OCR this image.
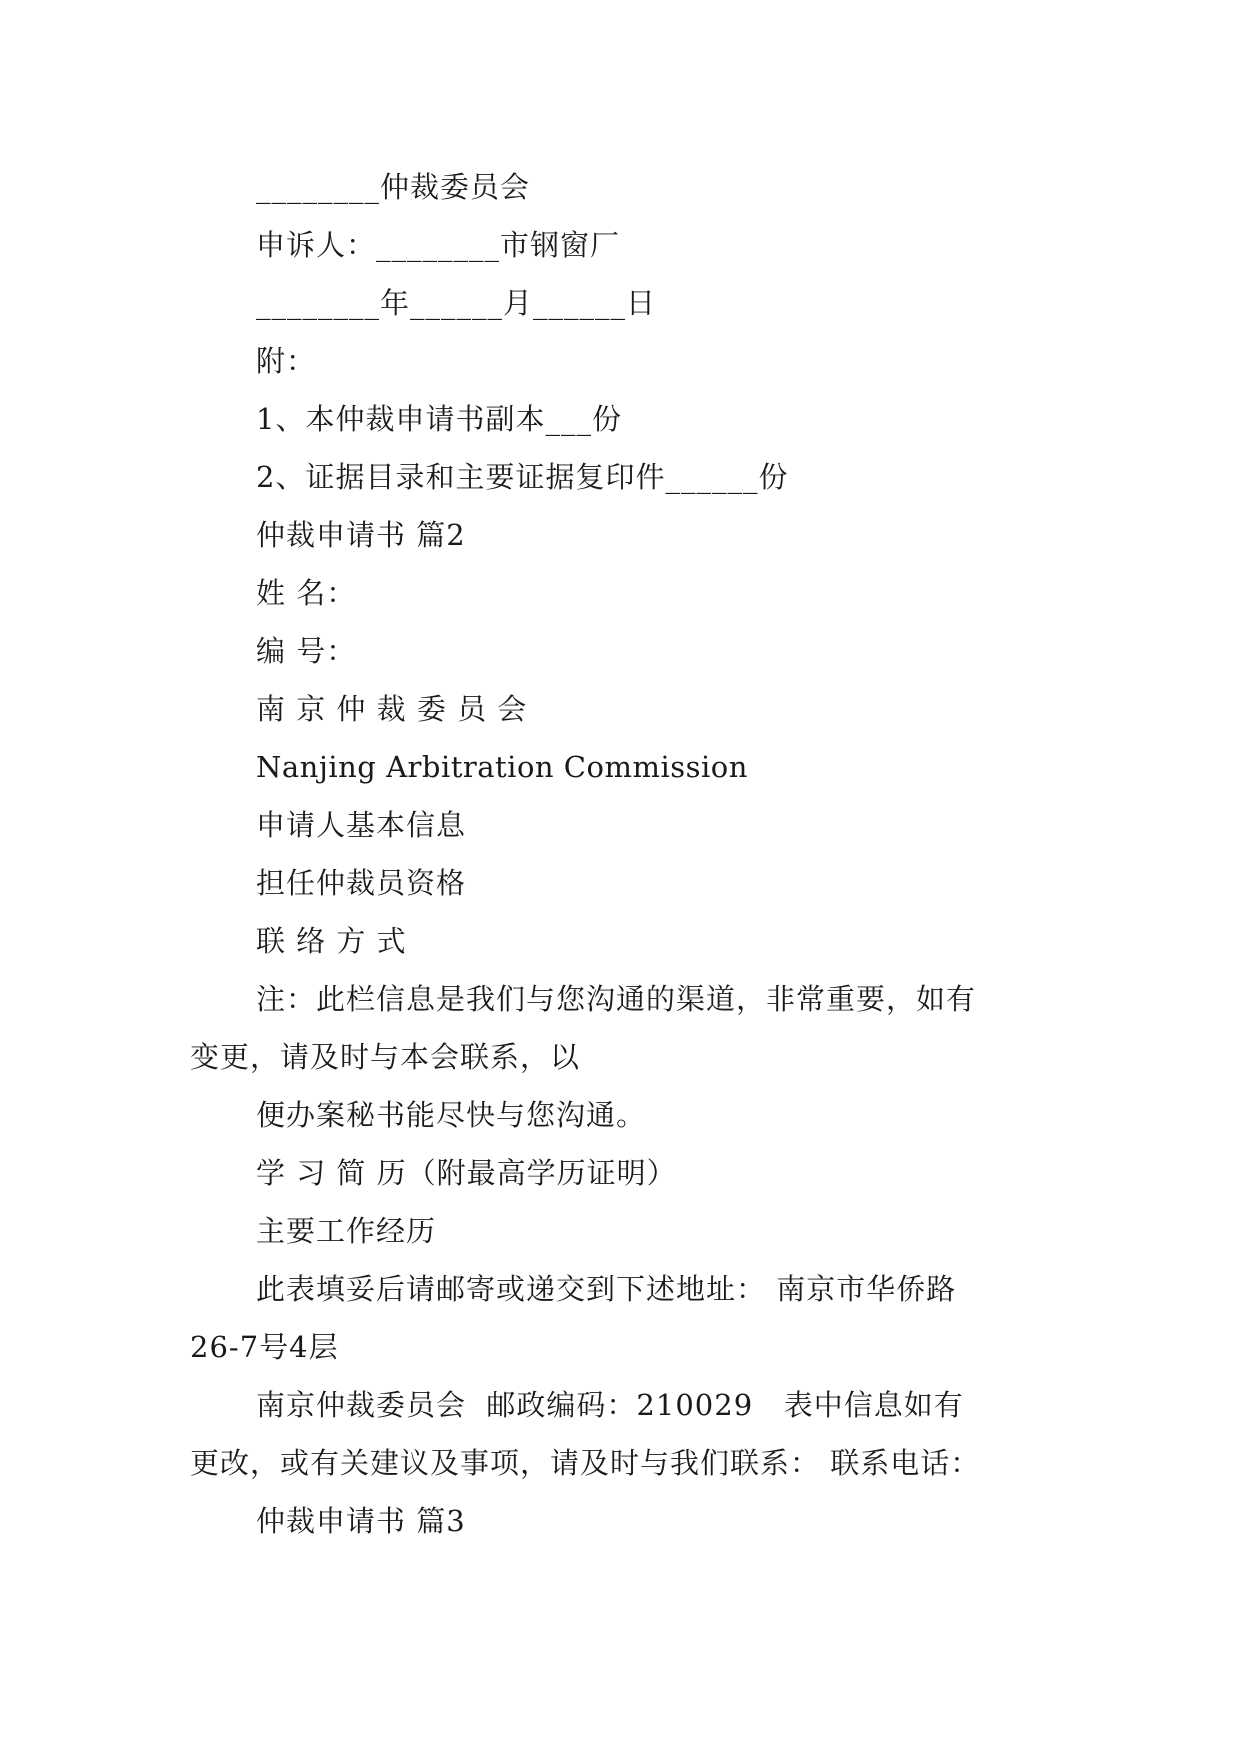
________仲裁委员会
申诉人：________市钢窗厂
________年______月______日
附：
1、本仲裁申请书副本___份
2、证据目录和主要证据复印件______份
仲裁申请书 篇2
姓 名：
编 号：
南 京 仲 裁 委 员 会
Nanjing Arbitration Commission
申请人基本信息
担任仲裁员资格
联 络 方 式
注：此栏信息是我们与您沟通的渠道，非常重要，如有
变更，请及时与本会联系，以
便办案秘书能尽快与您沟通。
学 习 简 历（附最高学历证明）
主要工作经历
此表填妥后请邮寄或递交到下述地址： 南京市华侨路
26-7号4层
南京仲裁委员会  邮政编码：210029   表中信息如有
更改，或有关建议及事项，请及时与我们联系： 联系电话：
仲裁申请书 篇3
